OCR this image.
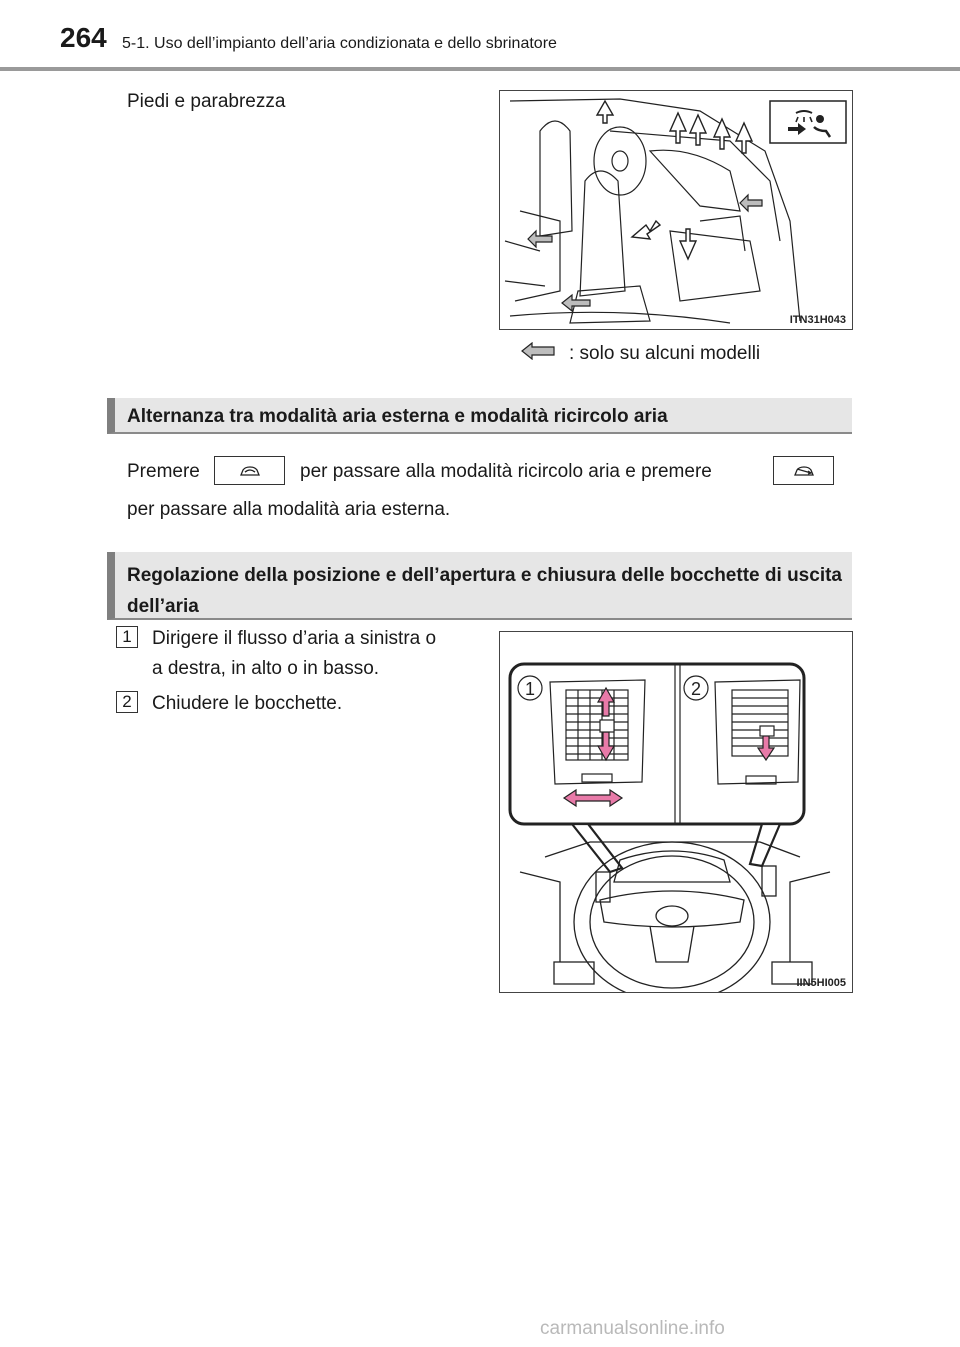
264 5-1. Uso dell’impianto dell’aria condizionata e dello sbrinatore
Piedi e parabrezza
ITN31H043
: solo su alcuni modelli
Alternanza tra modalità aria esterna e modalità ricircolo aria
Premere	per passare alla modalità ricircolo aria e premere
per passare alla modalità aria esterna.
Regolazione della posizione e dell’apertura e chiusura delle bocchette di uscita dell’aria
1	Dirigere il flusso d’aria a sinistra o
a destra, in alto o in basso.
2	Chiudere le bocchette.
1	2
IIN5HI005
carmanualsonline.info
